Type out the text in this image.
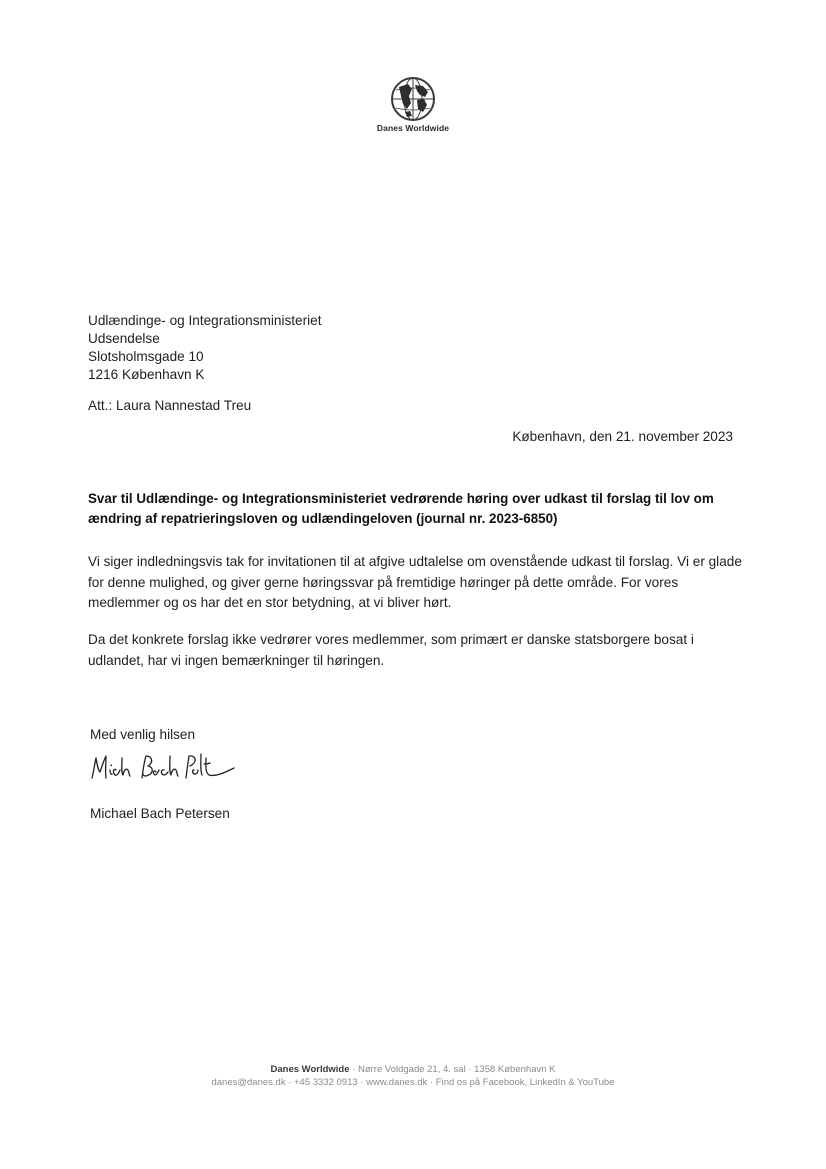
Danes Worldwide
Udlændinge- og Integrationsministeriet
Udsendelse
Slotsholmsgade 10
1216 København K
Att.: Laura Nannestad Treu
København, den 21. november 2023
Svar til Udlændinge- og Integrationsministeriet vedrørende høring over udkast til forslag til lov om ændring af repatrieringsloven og udlændingeloven (journal nr. 2023-6850)
Vi siger indledningsvis tak for invitationen til at afgive udtalelse om ovenstående udkast til forslag. Vi er glade for denne mulighed, og giver gerne høringssvar på fremtidige høringer på dette område. For vores medlemmer og os har det en stor betydning, at vi bliver hørt.
Da det konkrete forslag ikke vedrører vores medlemmer, som primært er danske statsborgere bosat i udlandet, har vi ingen bemærkninger til høringen.
Med venlig hilsen
Michael Bach Petersen
Danes Worldwide · Nørre Voldgade 21, 4. sal · 1358 København K
danes@danes.dk · +45 3332 0913 · www.danes.dk · Find os på Facebook, LinkedIn & YouTube
